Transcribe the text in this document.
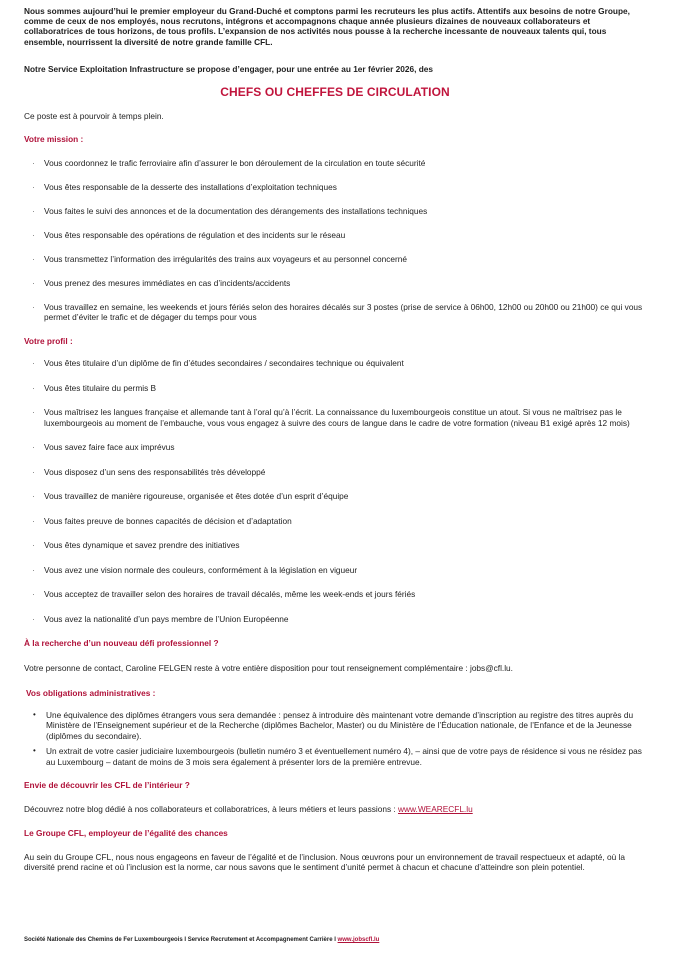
Nous sommes aujourd’hui le premier employeur du Grand-Duché et comptons parmi les recruteurs les plus actifs. Attentifs aux besoins de notre Groupe, comme de ceux de nos employés, nous recrutons, intégrons et accompagnons chaque année plusieurs dizaines de nouveaux collaborateurs et collaboratrices de tous horizons, de tous profils. L’expansion de nos activités nous pousse à la recherche incessante de nouveaux talents qui, tous ensemble, nourrissent la diversité de notre grande famille CFL.

Notre Service Exploitation Infrastructure se propose d’engager, pour une entrée au 1er février 2026, des

CHEFS OU CHEFFES DE CIRCULATION

Ce poste est à pourvoir à temps plein.

Votre mission :

· Vous coordonnez le trafic ferroviaire afin d’assurer le bon déroulement de la circulation en toute sécurité
· Vous êtes responsable de la desserte des installations d’exploitation techniques
· Vous faites le suivi des annonces et de la documentation des dérangements des installations techniques
· Vous êtes responsable des opérations de régulation et des incidents sur le réseau
· Vous transmettez l’information des irrégularités des trains aux voyageurs et au personnel concerné
· Vous prenez des mesures immédiates en cas d’incidents/accidents
· Vous travaillez en semaine, les weekends et jours fériés selon des horaires décalés sur 3 postes (prise de service à 06h00, 12h00 ou 20h00 ou 21h00) ce qui vous permet d’éviter le trafic et de dégager du temps pour vous

Votre profil :

· Vous êtes titulaire d’un diplôme de fin d’études secondaires / secondaires technique ou équivalent
· Vous êtes titulaire du permis B
· Vous maîtrisez les langues française et allemande tant à l’oral qu’à l’écrit. La connaissance du luxembourgeois constitue un atout. Si vous ne maîtrisez pas le luxembourgeois au moment de l’embauche, vous vous engagez à suivre des cours de langue dans le cadre de votre formation (niveau B1 exigé après 12 mois)
· Vous savez faire face aux imprévus
· Vous disposez d’un sens des responsabilités très développé
· Vous travaillez de manière rigoureuse, organisée et êtes dotée d’un esprit d’équipe
· Vous faites preuve de bonnes capacités de décision et d’adaptation
· Vous êtes dynamique et savez prendre des initiatives
· Vous avez une vision normale des couleurs, conformément à la législation en vigueur
· Vous acceptez de travailler selon des horaires de travail décalés, même les week-ends et jours fériés
· Vous avez la nationalité d’un pays membre de l’Union Européenne

À la recherche d’un nouveau défi professionnel ?

Votre personne de contact, Caroline FELGEN reste à votre entière disposition pour tout renseignement complémentaire : jobs@cfl.lu.

Vos obligations administratives :

• Une équivalence des diplômes étrangers vous sera demandée : pensez à introduire dès maintenant votre demande d’inscription au registre des titres auprès du Ministère de l’Enseignement supérieur et de la Recherche (diplômes Bachelor, Master) ou du Ministère de l’Éducation nationale, de l’Enfance et de la Jeunesse (diplômes du secondaire).
• Un extrait de votre casier judiciaire luxembourgeois (bulletin numéro 3 et éventuellement numéro 4), – ainsi que de votre pays de résidence si vous ne résidez pas au Luxembourg – datant de moins de 3 mois sera également à présenter lors de la première entrevue.

Envie de découvrir les CFL de l’intérieur ?

Découvrez notre blog dédié à nos collaborateurs et collaboratrices, à leurs métiers et leurs passions : www.WEARECFL.lu

Le Groupe CFL, employeur de l’égalité des chances

Au sein du Groupe CFL, nous nous engageons en faveur de l’égalité et de l’inclusion. Nous œuvrons pour un environnement de travail respectueux et adapté, où la diversité prend racine et où l’inclusion est la norme, car nous savons que le sentiment d’unité permet à chacun et chacune d’atteindre son plein potentiel.

Société Nationale des Chemins de Fer Luxembourgeois I Service Recrutement et Accompagnement Carrière I www.jobscfl.lu
